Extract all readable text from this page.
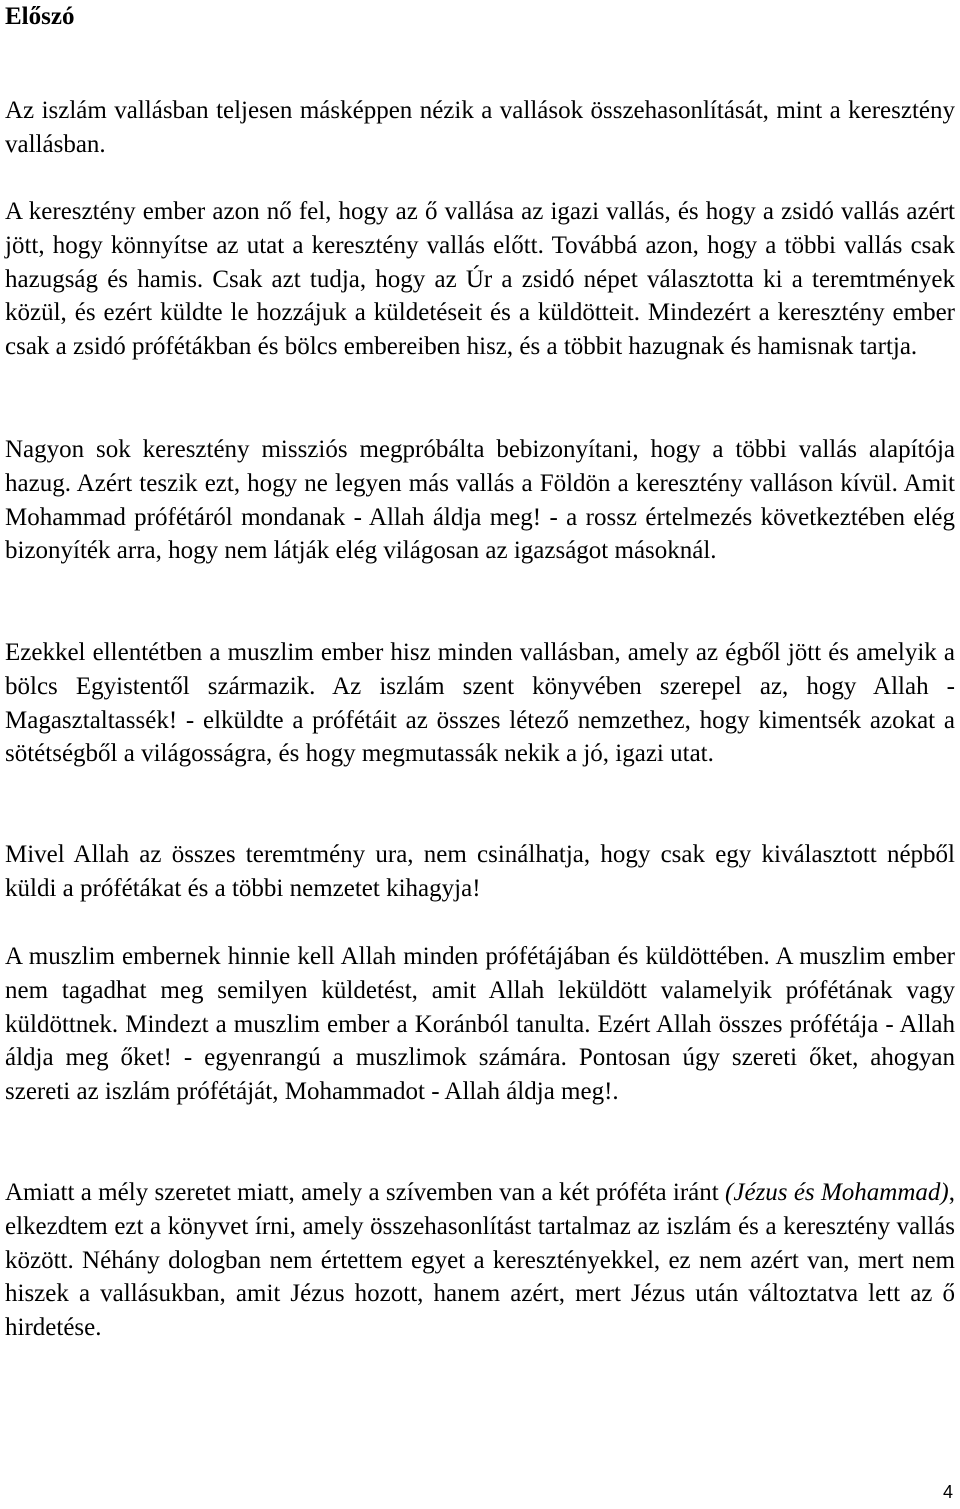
Előszó

Az iszlám vallásban teljesen másképpen nézik a vallások összehasonlítását, mint a keresztény vallásban.

A keresztény ember azon nő fel, hogy az ő vallása az igazi vallás, és hogy a zsidó vallás azért jött, hogy könnyítse az utat a keresztény vallás előtt. Továbbá azon, hogy a többi vallás csak hazugság és hamis. Csak azt tudja, hogy az Úr a zsidó népet választotta ki a teremtmények közül, és ezért küldte le hozzájuk a küldetéseit és a küldötteit. Mindezért a keresztény ember csak a zsidó prófétákban és bölcs embereiben hisz, és a többit hazugnak és hamisnak tartja.

Nagyon sok keresztény missziós megpróbálta bebizonyítani, hogy a többi vallás alapítója hazug. Azért teszik ezt, hogy ne legyen más vallás a Földön a keresztény valláson kívül. Amit Mohammad prófétáról mondanak - Allah áldja meg! - a rossz értelmezés következtében elég bizonyíték arra, hogy nem látják elég világosan az igazságot másoknál.

Ezekkel ellentétben a muszlim ember hisz minden vallásban, amely az égből jött és amelyik a bölcs Egyistentől származik. Az iszlám szent könyvében szerepel az, hogy Allah - Magasztaltassék! - elküldte a prófétáit az összes létező nemzethez, hogy kimentsék azokat a sötétségből a világosságra, és hogy megmutassák nekik a jó, igazi utat.

Mivel Allah az összes teremtmény ura, nem csinálhatja, hogy csak egy kiválasztott népből küldi a prófétákat és a többi nemzetet kihagyja!

A muszlim embernek hinnie kell Allah minden prófétájában és küldöttében. A muszlim ember nem tagadhat meg semilyen küldetést, amit Allah leküldött valamelyik prófétának vagy küldöttnek. Mindezt a muszlim ember a Koránból tanulta. Ezért Allah összes prófétája - Allah áldja meg őket! - egyenrangú a muszlimok számára. Pontosan úgy szereti őket, ahogyan szereti az iszlám prófétáját, Mohammadot - Allah áldja meg!.

Amiatt a mély szeretet miatt, amely a szívemben van a két próféta iránt (Jézus és Mohammad), elkezdtem ezt a könyvet írni, amely összehasonlítást tartalmaz az iszlám és a keresztény vallás között. Néhány dologban nem értettem egyet a keresztényekkel, ez nem azért van, mert nem hiszek a vallásukban, amit Jézus hozott, hanem azért, mert Jézus után változtatva lett az ő hirdetése.

4
